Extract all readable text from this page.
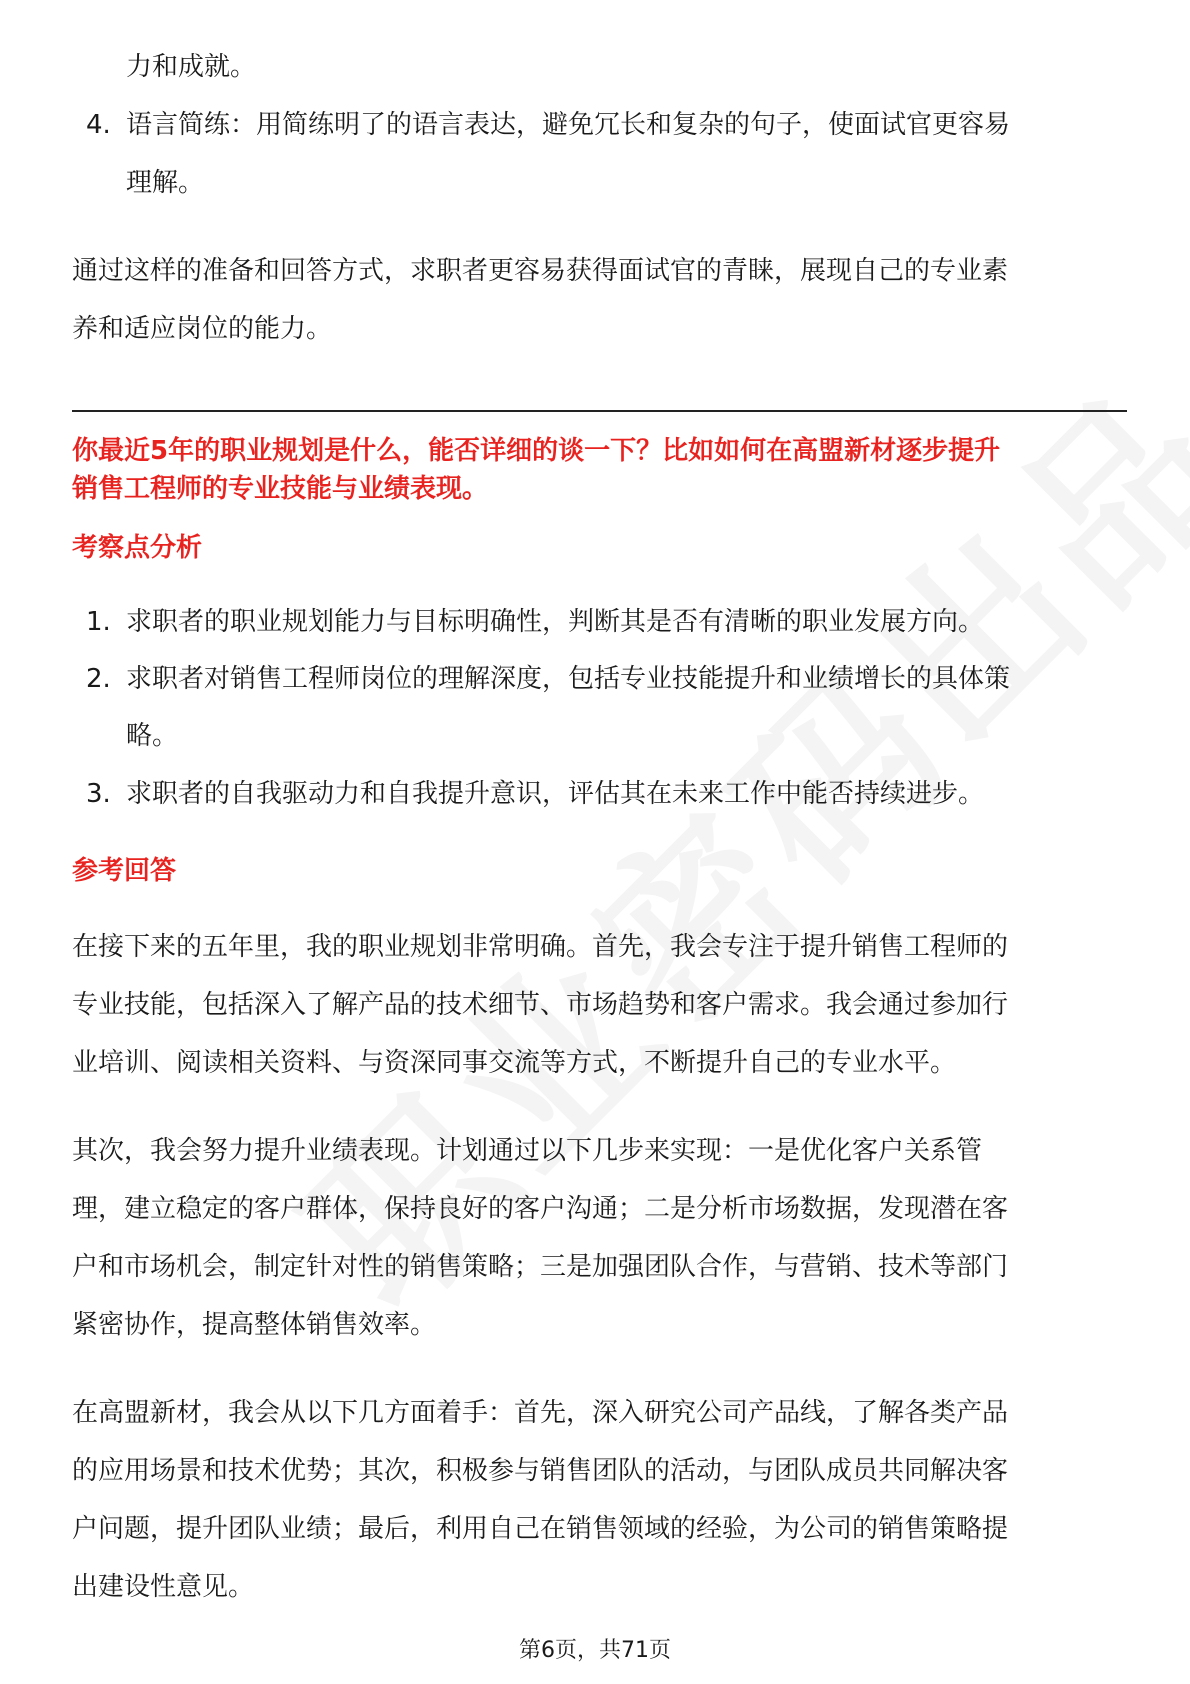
力和成就。
4. 语言简练：用简练明了的语言表达，避免冗长和复杂的句子，使面试官更容易
理解。
通过这样的准备和回答方式，求职者更容易获得面试官的青睐，展现自己的专业素
养和适应岗位的能力。
你最近5年的职业规划是什么，能否详细的谈一下？比如如何在高盟新材逐步提升
销售工程师的专业技能与业绩表现。
考察点分析
1. 求职者的职业规划能力与目标明确性，判断其是否有清晰的职业发展方向。
2. 求职者对销售工程师岗位的理解深度，包括专业技能提升和业绩增长的具体策
略。
3. 求职者的自我驱动力和自我提升意识，评估其在未来工作中能否持续进步。
参考回答
在接下来的五年里，我的职业规划非常明确。首先，我会专注于提升销售工程师的
专业技能，包括深入了解产品的技术细节、市场趋势和客户需求。我会通过参加行
业培训、阅读相关资料、与资深同事交流等方式，不断提升自己的专业水平。
其次，我会努力提升业绩表现。计划通过以下几步来实现：一是优化客户关系管
理，建立稳定的客户群体，保持良好的客户沟通；二是分析市场数据，发现潜在客
户和市场机会，制定针对性的销售策略；三是加强团队合作，与营销、技术等部门
紧密协作，提高整体销售效率。
在高盟新材，我会从以下几方面着手：首先，深入研究公司产品线，了解各类产品
的应用场景和技术优势；其次，积极参与销售团队的活动，与团队成员共同解决客
户问题，提升团队业绩；最后，利用自己在销售领域的经验，为公司的销售策略提
出建设性意见。
第6页，共71页
